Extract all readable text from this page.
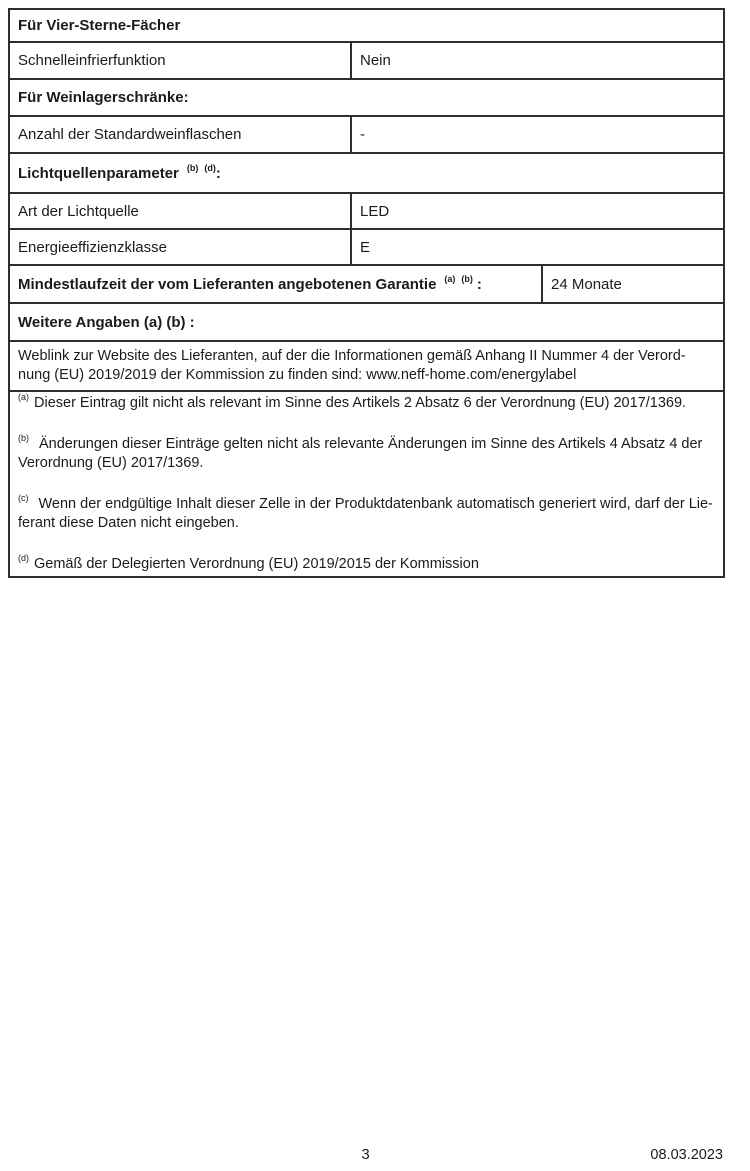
Für Vier-Sterne-Fächer		
Schnelleinfrierfunktion	Nein	
Für Weinlagerschränke:		
Anzahl der Standardweinflaschen	-	
Lichtquellenparameter $^{(b)}$ $^{(d)}$:		
Art der Lichtquelle	LED	
Energieeffizienzklasse	E	
Mindestlaufzeit der vom Lieferanten angebotenen Garantie $^{(a)}$ $^{(b)}$ :		24 Monate
Weitere Angaben (a) (b) :		

Weblink zur Website des Lieferanten, auf der die Informationen gemäß Anhang II Nummer 4 der Verord-
nung (EU) 2019/2019 der Kommission zu finden sind: www.neff-home.com/energylabel		

$^{(a)}$ Dieser Eintrag gilt nicht als relevant im Sinne des Artikels 2 Absatz 6 der Verordnung (EU) 2017/1369.
$^{(b)}$ Änderungen dieser Einträge gelten nicht als relevante Änderungen im Sinne des Artikels 4 Absatz 4 der
Verordnung (EU) 2017/1369.
$^{(c)}$ Wenn der endgültige Inhalt dieser Zelle in der Produktdatenbank automatisch generiert wird, darf der Lie-
ferant diese Daten nicht eingeben.
$^{(d)}$ Gemäß der Delegierten Verordnung (EU) 2019/2015 der Kommission
3	08.03.2023
